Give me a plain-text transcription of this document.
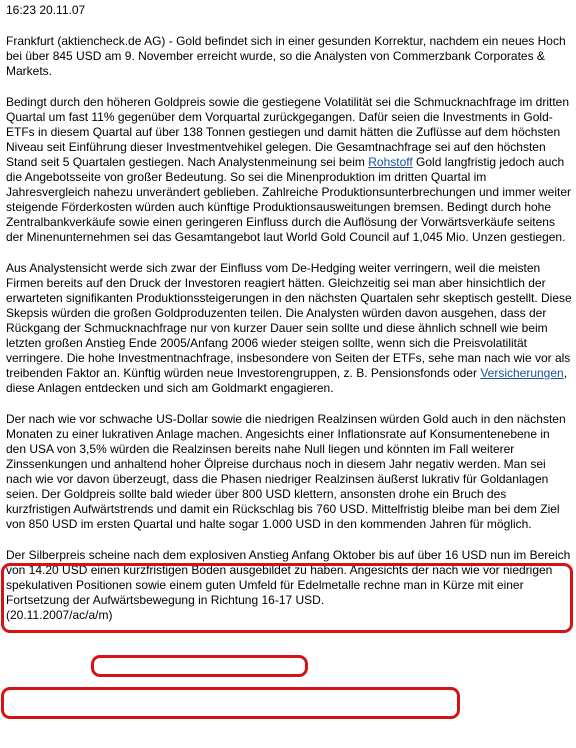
16:23 20.11.07

Frankfurt (aktiencheck.de AG) - Gold befindet sich in einer gesunden Korrektur, nachdem ein neues Hoch bei über 845 USD am 9. November erreicht wurde, so die Analysten von Commerzbank Corporates & Markets.

Bedingt durch den höheren Goldpreis sowie die gestiegene Volatilität sei die Schmucknachfrage im dritten Quartal um fast 11% gegenüber dem Vorquartal zurückgegangen. Dafür seien die Investments in Gold-ETFs in diesem Quartal auf über 138 Tonnen gestiegen und damit hätten die Zuflüsse auf dem höchsten Niveau seit Einführung dieser Investmentvehikel gelegen. Die Gesamtnachfrage sei auf den höchsten Stand seit 5 Quartalen gestiegen. Nach Analystenmeinung sei beim Rohstoff Gold langfristig jedoch auch die Angebotsseite von großer Bedeutung. So sei die Minenproduktion im dritten Quartal im Jahresvergleich nahezu unverändert geblieben. Zahlreiche Produktionsunterbrechungen und immer weiter steigende Förderkosten würden auch künftige Produktionsausweitungen bremsen. Bedingt durch hohe Zentralbankverkäufe sowie einen geringeren Einfluss durch die Auflösung der Vorwärtsverkäufe seitens der Minenunternehmen sei das Gesamtangebot laut World Gold Council auf 1,045 Mio. Unzen gestiegen.

Aus Analystensicht werde sich zwar der Einfluss vom De-Hedging weiter verringern, weil die meisten Firmen bereits auf den Druck der Investoren reagiert hätten. Gleichzeitig sei man aber hinsichtlich der erwarteten signifikanten Produktionssteigerungen in den nächsten Quartalen sehr skeptisch gestellt. Diese Skepsis würden die großen Goldproduzenten teilen. Die Analysten würden davon ausgehen, dass der Rückgang der Schmucknachfrage nur von kurzer Dauer sein sollte und diese ähnlich schnell wie beim letzten großen Anstieg Ende 2005/Anfang 2006 wieder steigen sollte, wenn sich die Preisvolatilität verringere. Die hohe Investmentnachfrage, insbesondere von Seiten der ETFs, sehe man nach wie vor als treibenden Faktor an. Künftig würden neue Investorengruppen, z. B. Pensionsfonds oder Versicherungen, diese Anlagen entdecken und sich am Goldmarkt engagieren.

Der nach wie vor schwache US-Dollar sowie die niedrigen Realzinsen würden Gold auch in den nächsten Monaten zu einer lukrativen Anlage machen. Angesichts einer Inflationsrate auf Konsumentenebene in den USA von 3,5% würden die Realzinsen bereits nahe Null liegen und könnten im Fall weiterer Zinssenkungen und anhaltend hoher Ölpreise durchaus noch in diesem Jahr negativ werden. Man sei nach wie vor davon überzeugt, dass die Phasen niedriger Realzinsen äußerst lukrativ für Goldanlagen seien. Der Goldpreis sollte bald wieder über 800 USD klettern, ansonsten drohe ein Bruch des kurzfristigen Aufwärtstrends und damit ein Rückschlag bis 760 USD. Mittelfristig bleibe man bei dem Ziel von 850 USD im ersten Quartal und halte sogar 1.000 USD in den kommenden Jahren für möglich.

Der Silberpreis scheine nach dem explosiven Anstieg Anfang Oktober bis auf über 16 USD nun im Bereich von 14.20 USD einen kurzfristigen Boden ausgebildet zu haben. Angesichts der nach wie vor niedrigen spekulativen Positionen sowie einem guten Umfeld für Edelmetalle rechne man in Kürze mit einer Fortsetzung der Aufwärtsbewegung in Richtung 16-17 USD.

(20.11.2007/ac/a/m)
